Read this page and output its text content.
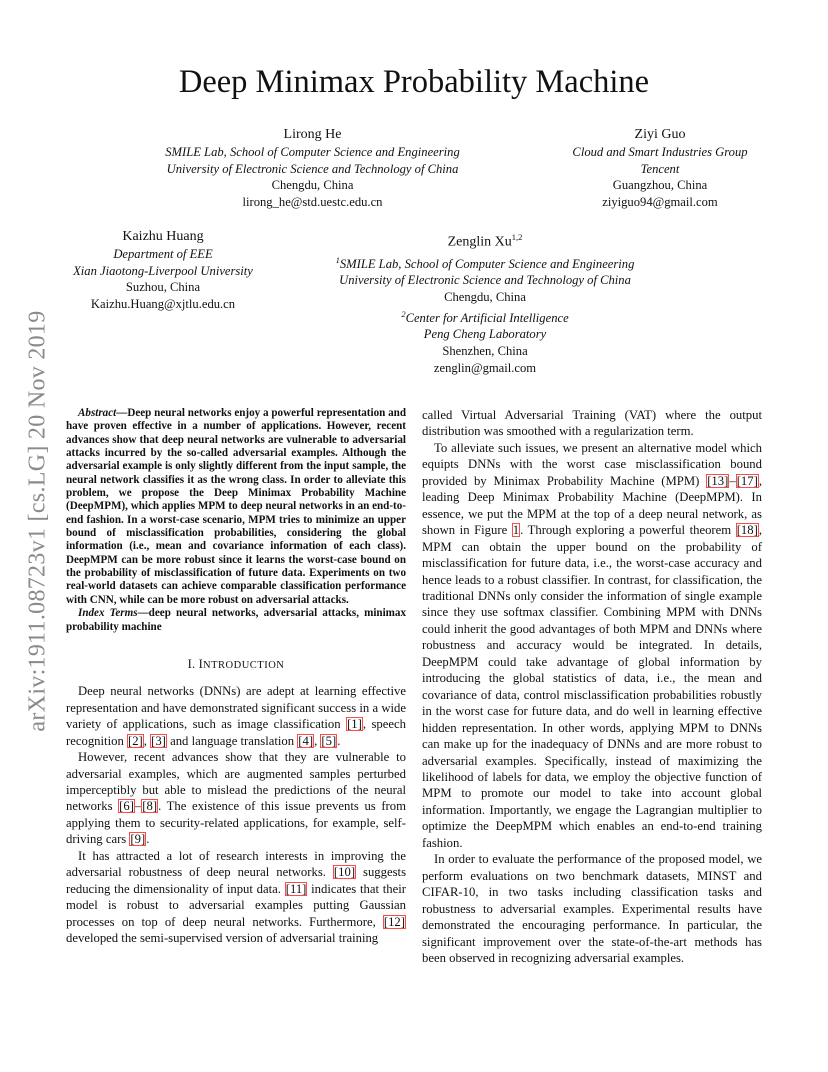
arXiv:1911.08723v1 [cs.LG] 20 Nov 2019
Deep Minimax Probability Machine
Lirong He
SMILE Lab, School of Computer Science and Engineering
University of Electronic Science and Technology of China
Chengdu, China
lirong_he@std.uestc.edu.cn
Ziyi Guo
Cloud and Smart Industries Group
Tencent
Guangzhou, China
ziyiguo94@gmail.com
Kaizhu Huang
Department of EEE
Xian Jiaotong-Liverpool University
Suzhou, China
Kaizhu.Huang@xjtlu.edu.cn
Zenglin Xu$^{1,2}$
$^1$SMILE Lab, School of Computer Science and Engineering
University of Electronic Science and Technology of China
Chengdu, China
$^2$Center for Artificial Intelligence
Peng Cheng Laboratory
Shenzhen, China
zenglin@gmail.com
Abstract—Deep neural networks enjoy a powerful representation and have proven effective in a number of applications. However, recent advances show that deep neural networks are vulnerable to adversarial attacks incurred by the so-called adversarial examples. Although the adversarial example is only slightly different from the input sample, the neural network classifies it as the wrong class. In order to alleviate this problem, we propose the Deep Minimax Probability Machine (DeepMPM), which applies MPM to deep neural networks in an end-to-end fashion. In a worst-case scenario, MPM tries to minimize an upper bound of misclassification probabilities, considering the global information (i.e., mean and covariance information of each class). DeepMPM can be more robust since it learns the worst-case bound on the probability of misclassification of future data. Experiments on two real-world datasets can achieve comparable classification performance with CNN, while can be more robust on adversarial attacks.
Index Terms—deep neural networks, adversarial attacks, minimax probability machine
I. INTRODUCTION

Deep neural networks (DNNs) are adept at learning effective representation and have demonstrated significant success in a wide variety of applications, such as image classification [1], speech recognition [2], [3] and language translation [4], [5].

However, recent advances show that they are vulnerable to adversarial examples, which are augmented samples perturbed imperceptibly but able to mislead the predictions of the neural networks [6]–[8]. The existence of this issue prevents us from applying them to security-related applications, for example, self-driving cars [9].

It has attracted a lot of research interests in improving the adversarial robustness of deep neural networks. [10] suggests reducing the dimensionality of input data. [11] indicates that their model is robust to adversarial examples putting Gaussian processes on top of deep neural networks. Furthermore, [12] developed the semi-supervised version of adversarial training

called Virtual Adversarial Training (VAT) where the output distribution was smoothed with a regularization term.

To alleviate such issues, we present an alternative model which equipts DNNs with the worst case misclassification bound provided by Minimax Probability Machine (MPM) [13]–[17], leading Deep Minimax Probability Machine (DeepMPM). In essence, we put the MPM at the top of a deep neural network, as shown in Figure 1. Through exploring a powerful theorem [18], MPM can obtain the upper bound on the probability of misclassification for future data, i.e., the worst-case accuracy and hence leads to a robust classifier. In contrast, for classification, the traditional DNNs only consider the information of single example since they use softmax classifier. Combining MPM with DNNs could inherit the good advantages of both MPM and DNNs where robustness and accuracy would be integrated. In details, DeepMPM could take advantage of global information by introducing the global statistics of data, i.e., the mean and covariance of data, control misclassification probabilities robustly in the worst case for future data, and do well in learning effective hidden representation. In other words, applying MPM to DNNs can make up for the inadequacy of DNNs and are more robust to adversarial examples. Specifically, instead of maximizing the likelihood of labels for data, we employ the objective function of MPM to promote our model to take into account global information. Importantly, we engage the Lagrangian multiplier to optimize the DeepMPM which enables an end-to-end training fashion.

In order to evaluate the performance of the proposed model, we perform evaluations on two benchmark datasets, MINST and CIFAR-10, in two tasks including classification tasks and robustness to adversarial examples. Experimental results have demonstrated the encouraging performance. In particular, the significant improvement over the state-of-the-art methods has been observed in recognizing adversarial examples.
